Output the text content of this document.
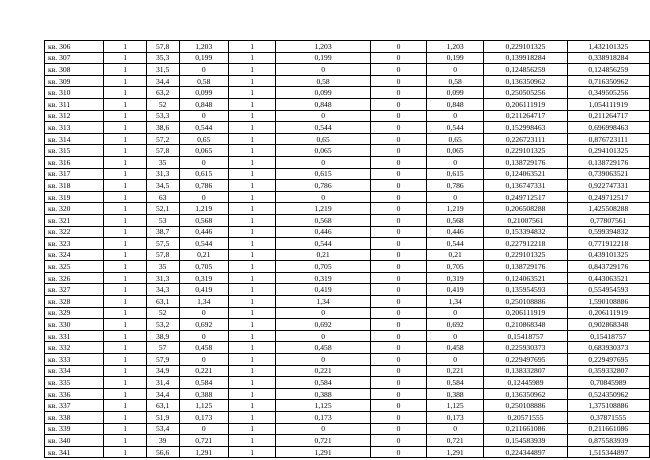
кв. 306	1	57,8	1,203	1	1,203	0	1,203	0,229101325	1,432101325
кв. 307	1	35,3	0,199	1	0,199	0	0,199	0,139918284	0,338918284
кв. 308	1	31,5	0	1	0	0	0	0,124856259	0,124856259
кв. 309	1	34,4	0,58	1	0,58	0	0,58	0,136350962	0,716350962
кв. 310	1	63,2	0,099	1	0,099	0	0,099	0,250505256	0,349505256
кв. 311	1	52	0,848	1	0,848	0	0,848	0,206111919	1,054111919
кв. 312	1	53,3	0	1	0	0	0	0,211264717	0,211264717
кв. 313	1	38,6	0,544	1	0,544	0	0,544	0,152998463	0,696998463
кв. 314	1	57,2	0,65	1	0,65	0	0,65	0,226723111	0,876723111
кв. 315	1	57,8	0,065	1	0,065	0	0,065	0,229101325	0,294101325
кв. 316	1	35	0	1	0	0	0	0,138729176	0,138729176
кв. 317	1	31,3	0,615	1	0,615	0	0,615	0,124063521	0,739063521
кв. 318	1	34,5	0,786	1	0,786	0	0,786	0,136747331	0,922747331
кв. 319	1	63	0	1	0	0	0	0,249712517	0,249712517
кв. 320	1	52,1	1,219	1	1,219	0	1,219	0,206508288	1,425508288
кв. 321	1	53	0,568	1	0,568	0	0,568	0,21007561	0,77807561
кв. 322	1	38,7	0,446	1	0,446	0	0,446	0,153394832	0,599394832
кв. 323	1	57,5	0,544	1	0,544	0	0,544	0,227912218	0,771912218
кв. 324	1	57,8	0,21	1	0,21	0	0,21	0,229101325	0,439101325
кв. 325	1	35	0,705	1	0,705	0	0,705	0,138729176	0,843729176
кв. 326	1	31,3	0,319	1	0,319	0	0,319	0,124063521	0,443063521
кв. 327	1	34,3	0,419	1	0,419	0	0,419	0,135954593	0,554954593
кв. 328	1	63,1	1,34	1	1,34	0	1,34	0,250108886	1,590108886
кв. 329	1	52	0	1	0	0	0	0,206111919	0,206111919
кв. 330	1	53,2	0,692	1	0,692	0	0,692	0,210868348	0,902868348
кв. 331	1	38,9	0	1	0	0	0	0,15418757	0,15418757
кв. 332	1	57	0,458	1	0,458	0	0,458	0,225930373	0,683930373
кв. 333	1	57,9	0	1	0	0	0	0,229497695	0,229497695
кв. 334	1	34,9	0,221	1	0,221	0	0,221	0,138332807	0,359332807
кв. 335	1	31,4	0,584	1	0,584	0	0,584	0,12445989	0,70845989
кв. 336	1	34,4	0,388	1	0,388	0	0,388	0,136350962	0,524350962
кв. 337	1	63,1	1,125	1	1,125	0	1,125	0,250108886	1,375108886
кв. 338	1	51,9	0,173	1	0,173	0	0,173	0,20571555	0,37871555
кв. 339	1	53,4	0	1	0	0	0	0,211661086	0,211661086
кв. 340	1	39	0,721	1	0,721	0	0,721	0,154583939	0,875583939
кв. 341	1	56,6	1,291	1	1,291	0	1,291	0,224344897	1,515344897
